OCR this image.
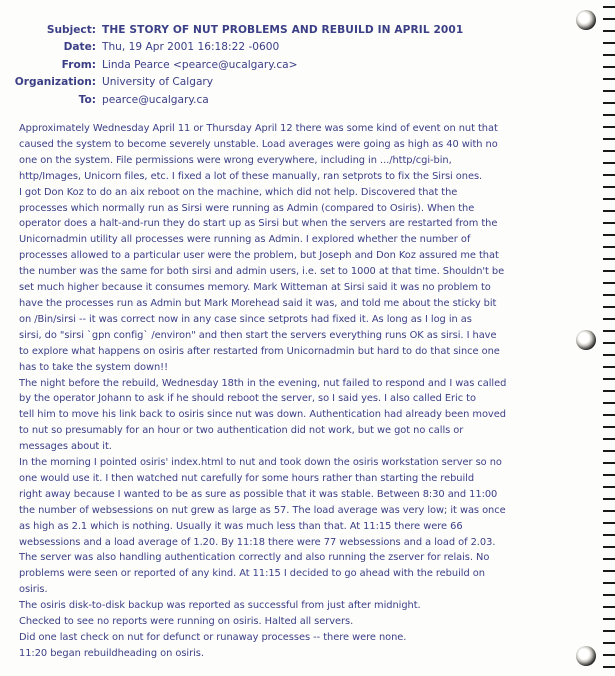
Subject: THE STORY OF NUT PROBLEMS AND REBUILD IN APRIL 2001
Date: Thu, 19 Apr 2001 16:18:22 -0600
From: Linda Pearce <pearce@ucalgary.ca>
Organization: University of Calgary
To: pearce@ucalgary.ca
Approximately Wednesday April 11 or Thursday April 12 there was some kind of event on nut that
caused the system to become severely unstable. Load averages were going as high as 40 with no
one on the system. File permissions were wrong everywhere, including in .../http/cgi-bin,
http/Images, Unicorn files, etc. I fixed a lot of these manually, ran setprots to fix the Sirsi ones.
I got Don Koz to do an aix reboot on the machine, which did not help. Discovered that the
processes which normally run as Sirsi were running as Admin (compared to Osiris). When the
operator does a halt-and-run they do start up as Sirsi but when the servers are restarted from the
Unicornadmin utility all processes were running as Admin. I explored whether the number of
processes allowed to a particular user were the problem, but Joseph and Don Koz assured me that
the number was the same for both sirsi and admin users, i.e. set to 1000 at that time. Shouldn't be
set much higher because it consumes memory. Mark Witteman at Sirsi said it was no problem to
have the processes run as Admin but Mark Morehead said it was, and told me about the sticky bit
on /Bin/sirsi -- it was correct now in any case since setprots had fixed it. As long as I log in as
sirsi, do "sirsi `gpn config` /environ" and then start the servers everything runs OK as sirsi. I have
to explore what happens on osiris after restarted from Unicornadmin but hard to do that since one
has to take the system down!!
The night before the rebuild, Wednesday 18th in the evening, nut failed to respond and I was called
by the operator Johann to ask if he should reboot the server, so I said yes. I also called Eric to
tell him to move his link back to osiris since nut was down. Authentication had already been moved
to nut so presumably for an hour or two authentication did not work, but we got no calls or
messages about it.
In the morning I pointed osiris' index.html to nut and took down the osiris workstation server so no
one would use it. I then watched nut carefully for some hours rather than starting the rebuild
right away because I wanted to be as sure as possible that it was stable. Between 8:30 and 11:00
the number of websessions on nut grew as large as 57. The load average was very low; it was once
as high as 2.1 which is nothing. Usually it was much less than that. At 11:15 there were 66
websessions and a load average of 1.20. By 11:18 there were 77 websessions and a load of 2.03.
The server was also handling authentication correctly and also running the zserver for relais. No
problems were seen or reported of any kind. At 11:15 I decided to go ahead with the rebuild on
osiris.
The osiris disk-to-disk backup was reported as successful from just after midnight.
Checked to see no reports were running on osiris. Halted all servers.
Did one last check on nut for defunct or runaway processes -- there were none.
11:20 began rebuildheading on osiris.
